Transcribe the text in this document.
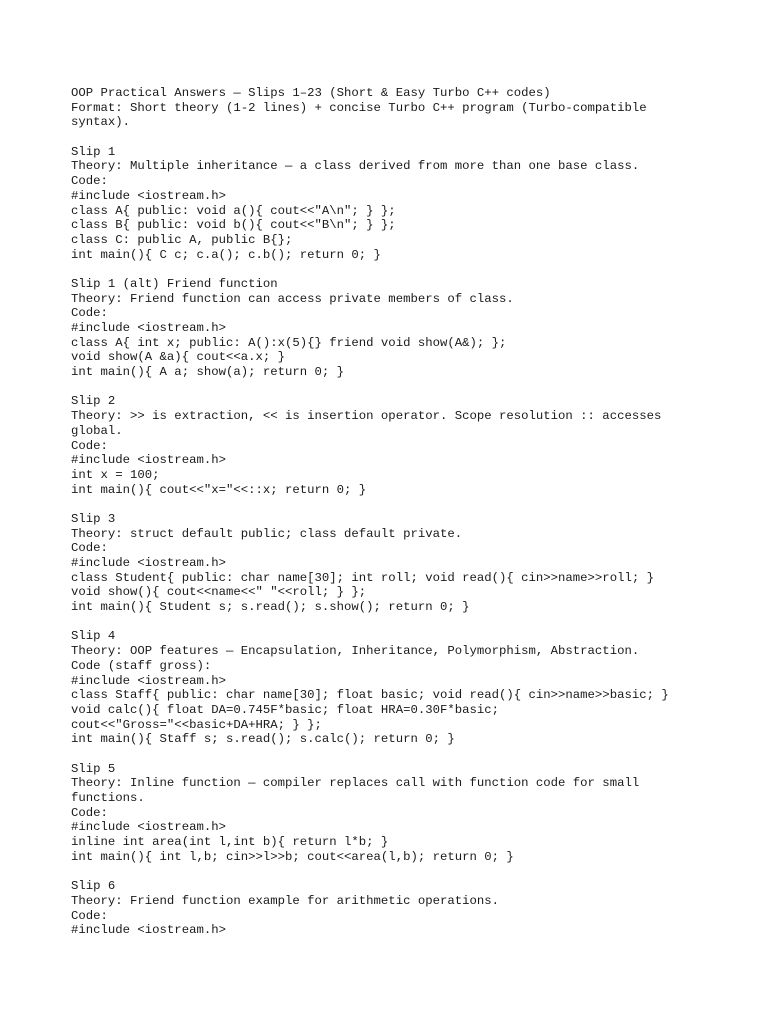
OOP Practical Answers — Slips 1–23 (Short & Easy Turbo C++ codes)
Format: Short theory (1-2 lines) + concise Turbo C++ program (Turbo-compatible
syntax).
Slip 1
Theory: Multiple inheritance — a class derived from more than one base class.
Code:
#include <iostream.h>
class A{ public: void a(){ cout<<"A\n"; } };
class B{ public: void b(){ cout<<"B\n"; } };
class C: public A, public B{};
int main(){ C c; c.a(); c.b(); return 0; }
Slip 1 (alt) Friend function
Theory: Friend function can access private members of class.
Code:
#include <iostream.h>
class A{ int x; public: A():x(5){} friend void show(A&); };
void show(A &a){ cout<<a.x; }
int main(){ A a; show(a); return 0; }
Slip 2
Theory: >> is extraction, << is insertion operator. Scope resolution :: accesses
global.
Code:
#include <iostream.h>
int x = 100;
int main(){ cout<<"x="<<::x; return 0; }
Slip 3
Theory: struct default public; class default private.
Code:
#include <iostream.h>
class Student{ public: char name[30]; int roll; void read(){ cin>>name>>roll; }
void show(){ cout<<name<<" "<<roll; } };
int main(){ Student s; s.read(); s.show(); return 0; }
Slip 4
Theory: OOP features — Encapsulation, Inheritance, Polymorphism, Abstraction.
Code (staff gross):
#include <iostream.h>
class Staff{ public: char name[30]; float basic; void read(){ cin>>name>>basic; }
void calc(){ float DA=0.745F*basic; float HRA=0.30F*basic;
cout<<"Gross="<<basic+DA+HRA; } };
int main(){ Staff s; s.read(); s.calc(); return 0; }
Slip 5
Theory: Inline function — compiler replaces call with function code for small
functions.
Code:
#include <iostream.h>
inline int area(int l,int b){ return l*b; }
int main(){ int l,b; cin>>l>>b; cout<<area(l,b); return 0; }
Slip 6
Theory: Friend function example for arithmetic operations.
Code:
#include <iostream.h>
